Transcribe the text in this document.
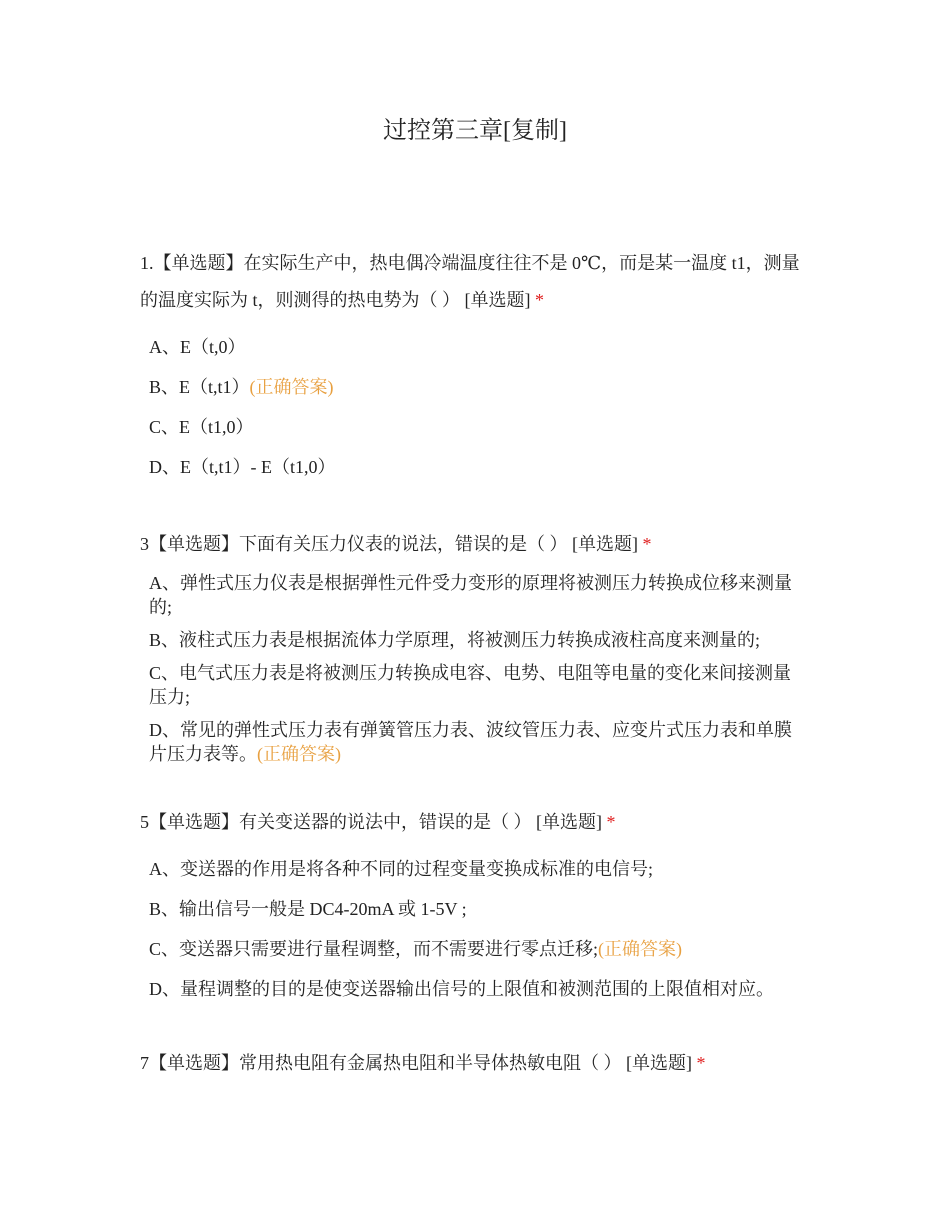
过控第三章[复制]
1.【单选题】在实际生产中，热电偶冷端温度往往不是 0℃，而是某一温度 t1，测量的温度实际为 t，则测得的热电势为（ ） [单选题] *
A、E（t,0）
B、E（t,t1）(正确答案)
C、E（t1,0）
D、E（t,t1）- E（t1,0）
3【单选题】下面有关压力仪表的说法，错误的是（ ） [单选题] *
A、弹性式压力仪表是根据弹性元件受力变形的原理将被测压力转换成位移来测量的;
B、液柱式压力表是根据流体力学原理，将被测压力转换成液柱高度来测量的;
C、电气式压力表是将被测压力转换成电容、电势、电阻等电量的变化来间接测量压力;
D、常见的弹性式压力表有弹簧管压力表、波纹管压力表、应变片式压力表和单膜片压力表等。(正确答案)
5【单选题】有关变送器的说法中，错误的是（ ） [单选题] *
A、变送器的作用是将各种不同的过程变量变换成标准的电信号;
B、输出信号一般是 DC4-20mA 或 1-5V ;
C、变送器只需要进行量程调整，而不需要进行零点迁移;(正确答案)
D、量程调整的目的是使变送器输出信号的上限值和被测范围的上限值相对应。
7【单选题】常用热电阻有金属热电阻和半导体热敏电阻（ ） [单选题] *
